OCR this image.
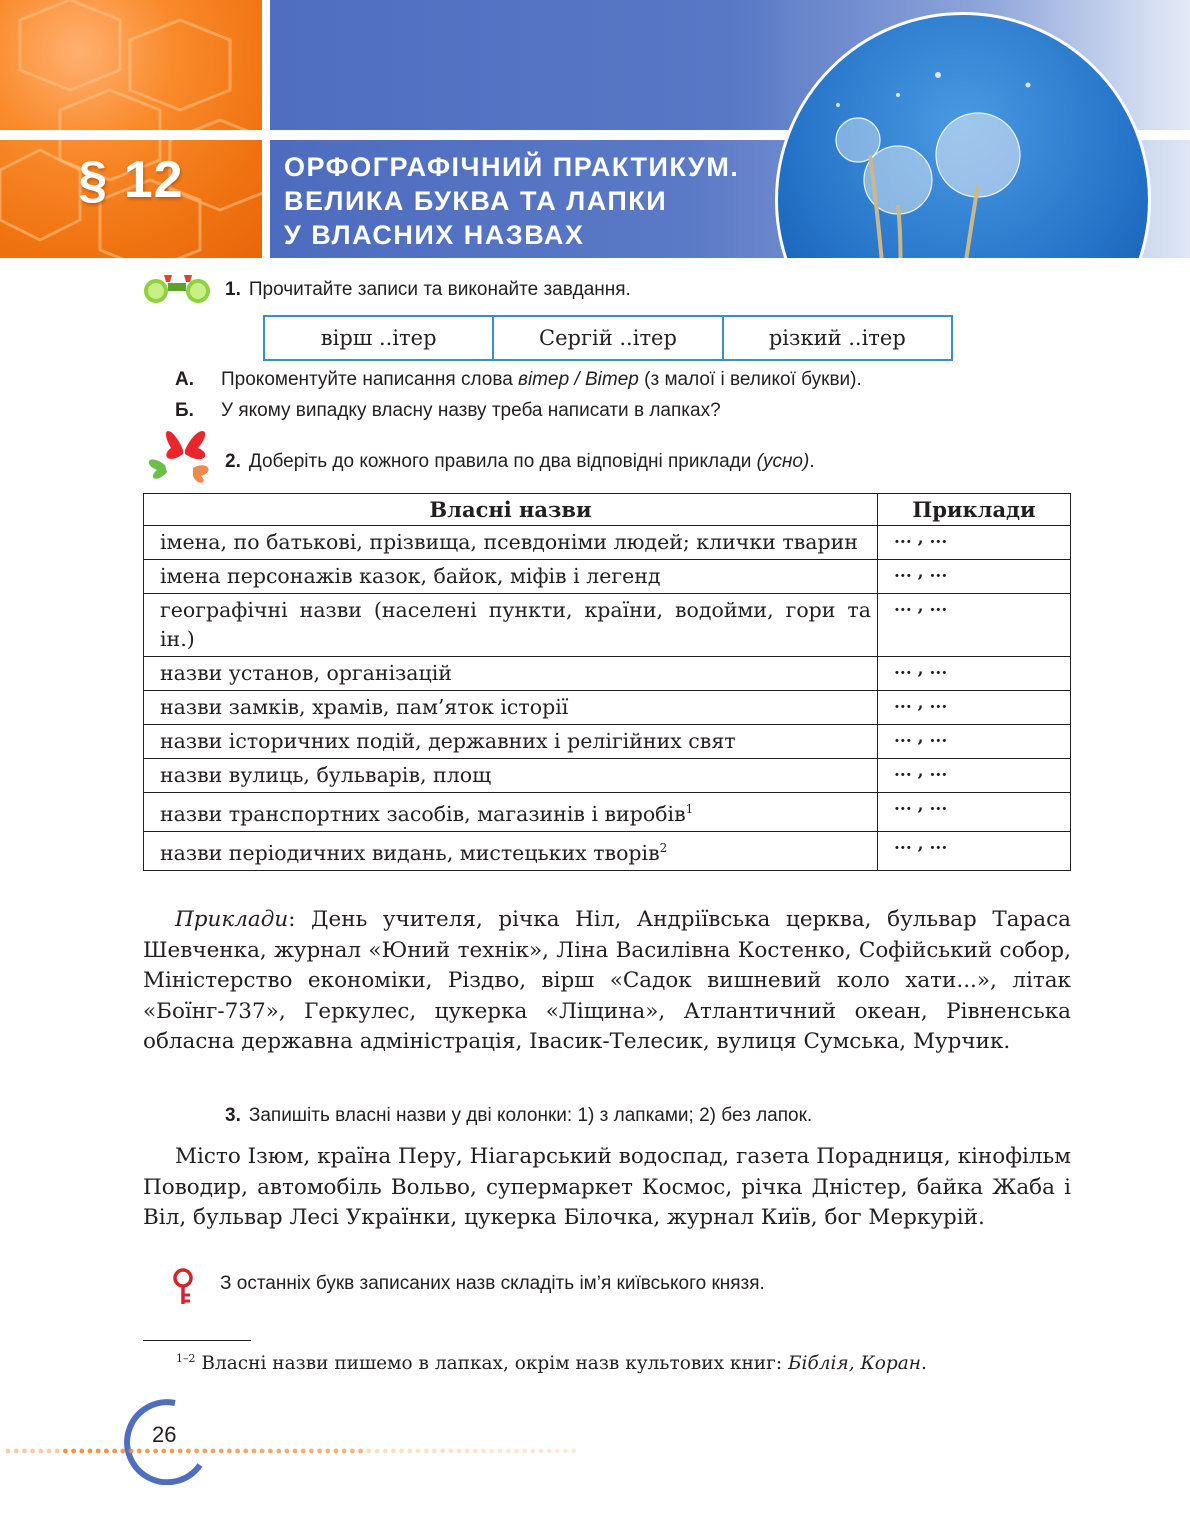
§ 12	ОРФОГРАФІЧНИЙ ПРАКТИКУМ.
ВЕЛИКА БУКВА ТА ЛАПКИ
У ВЛАСНИХ НАЗВАХ
1. Прочитайте записи та виконайте завдання.
вірш ..ітер	Сергій ..ітер	різкий ..ітер
А. Прокоментуйте написання слова вітер / Вітер (з малої і великої букви).
Б. У якому випадку власну назву треба написати в лапках?
2. Доберіть до кожного правила по два відповідні приклади (усно).
Власні назви	Приклади
імена, по батькові, прізвища, псевдоніми людей; клички тварин	... , ...
імена персонажів казок, байок, міфів і легенд	... , ...
географічні назви (населені пункти, країни, водойми, гори та ін.)	... , ...
назви установ, організацій	... , ...
назви замків, храмів, пам’яток історії	... , ...
назви історичних подій, державних і релігійних свят	... , ...
назви вулиць, бульварів, площ	... , ...
назви транспортних засобів, магазинів і виробів$^1$	... , ...
назви періодичних видань, мистецьких творів$^2$	... , ...
Приклади: День учителя, річка Ніл, Андріївська церква, бульвар Тараса Шевченка, журнал «Юний технік», Ліна Василівна Костенко, Софійський собор, Міністерство економіки, Різдво, вірш «Садок вишневий коло хати...», літак «Боїнг-737», Геркулес, цукерка «Ліщина», Атлантичний океан, Рівненська обласна державна адміністрація, Івасик-Телесик, вулиця Сумська, Мурчик.
3. Запишіть власні назви у дві колонки: 1) з лапками; 2) без лапок.
Місто Ізюм, країна Перу, Ніагарський водоспад, газета Порадниця, кінофільм Поводир, автомобіль Вольво, супермаркет Космос, річка Дністер, байка Жаба і Віл, бульвар Лесі Українки, цукерка Білочка, журнал Київ, бог Меркурій.
З останніх букв записаних назв складіть ім’я київського князя.
$^{1-2}$ Власні назви пишемо в лапках, окрім назв культових книг: Біблія, Коран.
26
